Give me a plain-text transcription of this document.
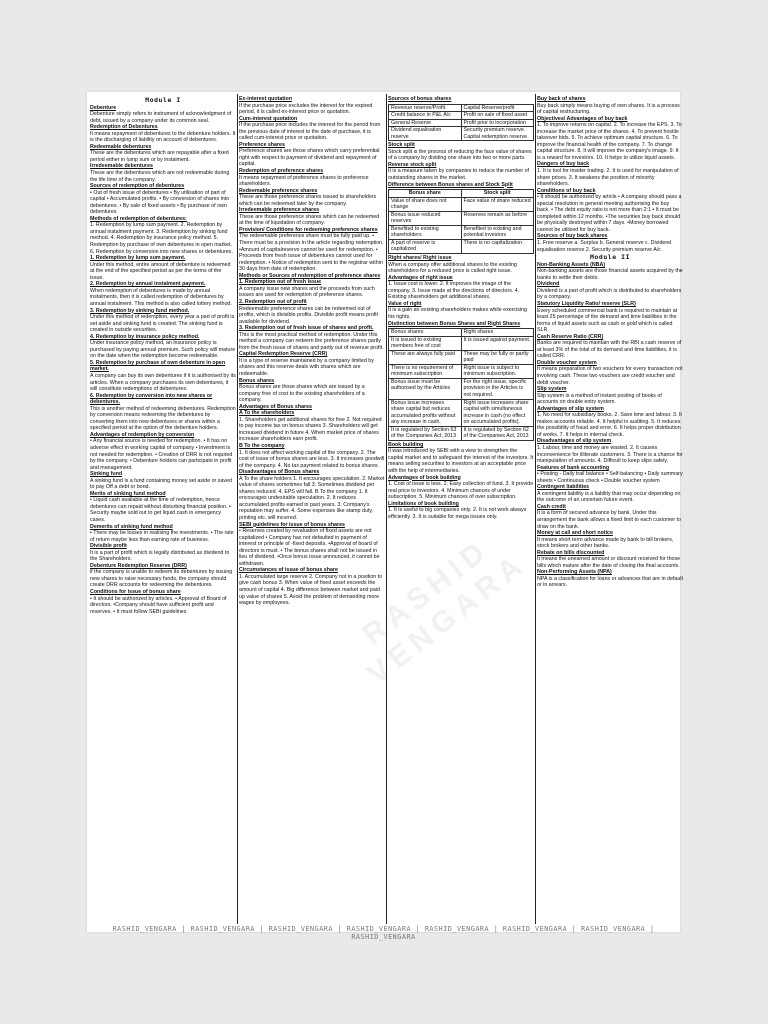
Module I
Debenture
Debenture simply refers to instrument of acknowledgment of debt, issued by a company under its common seal.
Redemption of Debentures
It means repayment of debentures to the debenture holders. It is the discharging of liability on account of debentures.
Redeemable debentures
These are the debentures which are repayable after a fixed period either in lump sum or by instalment.
Irredeemable debentures
These are the debentures which are not redeemable during the life time of the company.
Sources of redemption of debentures
• Out of fresh issue of debentures • By utilisation of part of capital • Accumulated profits. • By conversion of shares into debentures. • By sale of fixed assets • By purchase of own debentures
Methods of redemption of debentures:
1. Redemption by lump sum payment. 2. Redemption by annual instalment payment. 3. Redemption by sinking fund method. 4. Redemption by insurance policy method. 5. Redemption by purchase of own debentures in open market. 6. Redemption by conversion into new shares or debentures.
1. Redemption by lump sum payment.
Under this method, entire amount of debenture is redeemed at the end of the specified period as per the terms of the issue.
2. Redemption by annual instalment payment.
When redemption of debentures is made by annual instalments, then it is called redemption of debentures by annual instalment. This method is also called lottery method.
3. Redemption by sinking fund method.
Under this method of redemption, every year a part of profit is set aside and sinking fund is created. The sinking fund is created in outside securities.
4. Redemption by insurance policy method.
Under insurance policy method, an insurance policy is purchased by paying annual premium. Such policy will mature on the date when the redemption become redeemable.
5. Redemption by purchase of own debenture in open market.
A company can buy its own debentures if it is authorised by its articles. When a company purchases its own debentures, it will constitute redemptions of debentures.
6. Redemption by conversion into new shares or debentures.
This is another method of redeeming debentures. Redemption by conversion means redeeming the debentures by converting them into new debentures or shares within a specified period at the option of the debenture holders.
Advantages of redemption by conversion
• Any financial source is needed for redemption. • It has no adverse effect in working capital of company • Investment is not needed for redemption. • Creation of DRR is not required by the company. • Debenture holders can participate in profit and management.
Sinking fund
A sinking fund is a fund containing money set aside or saved to pay Off a debt or bond.
Merits of sinking fund method
• Liquid cash available at the time of redemption, hence debentures can repaid without disturbing financial position. • Security maybe sold out to get liquid cash in emergency cases.
Demerits of sinking fund method
• There may be losses in realising the investments. • The rate of return maybe less than earning rate of business.
Divisible profit
It is a part of profit which is legally distributed as dividend to the Shareholders.
Debenture Redemption Reserve (DRR)
if the company is unable to redeem its debentures by issuing new shares to raise necessary funds, the company should create DRR accounts for redeeming the debentures.
Conditions for issue of bonus share
• It should be authorized by articles. • Approval of Board of directors. •Company should have sufficient profit and reserves. • It must follow SEBI guidelines
Ex-interest quotation
If the purchase price excludes the interest for the expired period, it is called ex-interest price or quotation.
Cum-interest quotation
If the purchase price includes the interest for the period from the previous date of interest to the date of purchase, it is called cum-interest price or quotation.
Preference shares
Preference shares are those shares which carry preferential right with respect to payment of dividend and repayment of capital.
Redemption of preference shares
It means repayment of preference shares to preference shareholders.
Redeemable preference shares
These are those preference shares issued to shareholders which can be redeemed later by the company.
Irredeemable preference shares
These are those preference shares which can be redeemed at the time of liquidation of company.
Provision/ Conditions for redeeming preference shares
The redeemable preference share must be fully paid up. • There must be a provision in the article regarding redemption. •Amount of capitalreserve cannot be used for redemption. • Proceeds from fresh issue of debentures cannot used for redemption. • Notice of redemption sent to the registrar within 30 days from date of redemption.
Methods or Sources of redemption of preference shares
1. Redemption out of fresh issue
A company issue new shares and the proceeds from such issues are used for redemption of preference shares.
2. Redemption out of profit
Redeemable preference shares can be redeemed out of profits, which is divisible profits. Divisible profit means profit available for dividend.
3. Redemption out of fresh issue of shares and profit.
This is the most practical method of redemption. Under this method a company can redeem the preference shares partly from the fresh issue of shares and partly out of revenue profit.
Capital Redemption Reserve (CRR)
It is a type of reserve maintained by a company limited by shares and this reserve deals with shares which are redeemable.
Bonus shares
Bonus shares are those shares which are issued by a company free of cost to the existing shareholders of a company.
Advantages of Bonus shares
A To the shareholders
1. Shareholders get additional shares for free 2. Not required to pay income tax on bonus shares 3. Shareholders will get increased dividend in future 4. When market price of shares increase shareholders earn profit.
B To the company
1. It does not affect working capital of the company. 2. The cost of issue of bonus shares are less. 3. It increases goodwill of the company. 4. No tax payment related to bonus shares.
Disadvantages of Bonus shares
A To the share holders 1. It encourages speculation. 2. Market value of shares sometimes fall 3. Sometimes dividend per shares reduced. 4. EPS will fall. B To the company 1. It encourages undesirable speculation. 2. It reduces accumulated profits earned in past years. 3. Company's reputation may suffer. 4. Some expenses like stamp duty, printing etc. will incurred.
SEBI guidelines for issue of bonus shares
• Reserves created by revaluation of fixed assets are not capitalized • Company has not defaulted in payment of interest or principle of -fixed deposits. •Approval of board of directors is must. • The bonus shares shall not be issued in lieu of dividend. •Once bonus issue announced, it cannot be withdrawn.
Circumstances of issue of bonus share
1. Accumulated large reserve 2. Company not in a position to give cash bonus 3. When value of fixed asset exceeds the amount of capital 4. Big difference between market and paid up value of shares 5. Avoid the problem of demanding more wages by employees.
Sources of bonus shares
Revenue reserve/Profit	Capital Reserve/profit
Credit balance in P&L A/c	Profit on sale of fixed asset
General Reserve	Profit prior to incorporation
Dividend equalisation reserve	Security premium reserve. Capital redemption reserve
Stock split
Stock split is the process of reducing the face value of shares of a company by dividing one share into two or more parts.
Reverse stock split
It is a measure taken by companies to reduce the number of outstanding shares in the market.
Difference between Bonus shares and Stock Split
Bonus share	Stock split
Value of share does not change	Face value of share reduced
Bonus issue reduced reserves	Reserves remain as before
Benefited to existing shareholders	Benefited to existing and potential investors
A part of reserve is capitalized	There is no capitalization
Right shares/ Right issue
When a company offer additional shares to the existing shareholders for a reduced price is called right issue.
Advantages of right issue
1. Issue cost is lower. 2. It improves the image of the company. 3. Issue made at the directions of directors. 4. Existing shareholders get additional shares.
Value of right
It is a gain an existing shareholders makes while exercising his rights.
Distinction between Bonus Shares and Right Shares
Bonus shares	Right shares
It is issued to existing members free of cost	It is issued against payment.
These are always fully paid	These may be fully or partly paid
There is no requirement of minimum subscription	Right issue is subject to minimum subscription.
Bonus issue must be authorised by the Articles	For the right issue, specific provision in the Articles is not required.
Bonus issue increases share capital but reduces accumulated profits without any increase in cash.	Right issue increases share capital with simultaneous increase in cash (no effect on accumulated profits).
It is regulated by Section 63 of the Companies Act, 2013	It is regulated by Section 62 of the Companies Act, 2013
Book building
It was introduced by SEBI with a view to strengthen the capital market and to safeguard the interest of the investors. It means selling securities to investors at an acceptable price with the help of intermediaries.
Advantages of book building
1. Cost of issue is less. 2. Easy collection of fund. 3. It provide real price to investors. 4. Minimum chances of under subscription. 5. Minimum chances of over subscription.
Limitations of book building
1. It is useful to big companies only. 2. It is not work always efficiently. 3. It is suitable for mega issues only.
Buy back of shares
Buy back simply means buying of own shares. It is a process of capital restructuring.
Objectives/ Advantages of buy back
1. To improve returns on capital. 2. To increase the EPS. 3. To increase the market price of the shares. 4. To prevent hostile takeover bids. 5. To achieve optimum capital structure. 6. To improve the financial health of the company. 7. To change capital structure. 8. It will improve the company's image. 9. It is a reward for investors. 10. It helps to utilize liquid assets.
Dangers of buy back
1. It is tool for insider trading. 2. It is used for manipulation of share prices. 3. It weakens the position of minority shareholders.
Conditions of buy back
• It should be authorized by article • A company should pass a special resolution in general meeting authorising the buy back. • The debt equity ratio is not more than 2:1 • It must be completed within 12 months. •The securities buy back should be physically destroyed within 7 days. •Money borrowed cannot be utilized for buy back.
Sources of buy back shares
1. Free reserve a. Surplus b. General reserve c. Dividend equalisation reserve 2. Security premium reserve A/c
Module II
Non-Banking Assets (NBA)
Non-banking assets are those financial assets acquired by the banks to settle their debts.
Dividend
Dividend is a part of profit which is distributed to shareholders by a company.
Statutory Liquidity Ratio/ reserve (SLR)
Every scheduled commercial bank is required to maintain at least 25 percentage of the demand and time liabilities in the forms of liquid assets such as cash or gold which is called SLR.
Cash Reserve Ratio (CRR)
Banks are required to maintain with the RBI a cash reserve of at least 3% of the total of its demand and time liabilities, it is called CRR.
Double voucher system
It means preparation of two vouchers for every transaction not involving cash. These two vouchers are credit voucher and debit voucher.
Slip system
Slip system is a method of instant posting of books of accounts on double entry system.
Advantages of slip system
1. No need for subsidiary books. 2. Save time and labour. 3. It makes accounts reliable. 4. It helpful in auditing. 5. It reduces the possibility of fraud and error. 6. It helps proper distribution of works. 7. It helps in internal check.
Disadvantages of slip system
1. Labour, time and money are wasted. 2. It causes inconvenience for illiterate customers. 3. There is a chance for manipulation of amounts. 4. Difficult to keep slips safely.
Features of bank accounting
• Posting - Daily trail balance • Self-balancing • Daily summary sheets • Continuous check • Double voucher system
Contingent liabilities
A contingent liability is a liability that may occur depending on the outcome of an uncertain future event.
Cash credit
It is a form of secured advance by bank. Under this arrangement the bank allows a fixed limit to each customer to draw on the bank.
Money at call and short notice
It means short term advance made by bank to bill brokers, stock brokers and other banks.
Rebate on bills discounted
It means the unearned amount or discount received for those bills which mature after the date of closing the final accounts.
Non-Performing Assets (NPA)
NPA is a classification for loans or advances that are in default or in arrears.
RASHID VENGARA
RASHID_VENGARA | RASHID_VENGARA | RASHID_VENGARA | RASHID_VENGARA | RASHID_VENGARA | RASHID_VENGARA | RASHID_VENGARA | RASHID_VENGARA
